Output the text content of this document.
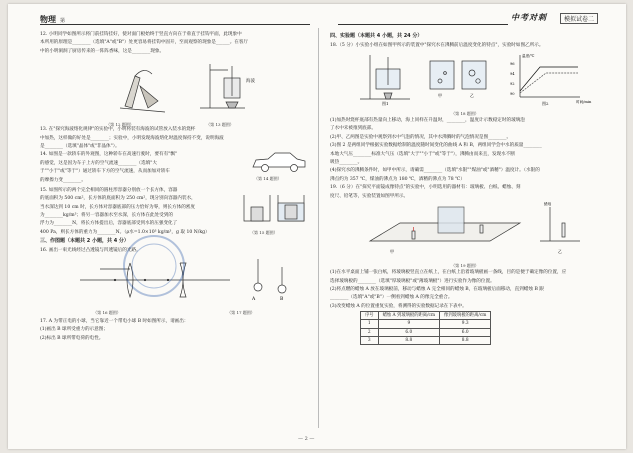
物理 第	中考对刺	模拟试卷二

12. 小明同学如图所示将门前挂钩挂好，使对面门板始终于竖直方向在于垂直于挂钩平面，此现象中

本所用的原理是________（选填"A"或"B"）处更容易将挂钩中固开，至而观察的现象是______。在客厅

中的小明洞洞了厨房传来的一阵阵香味，这是________现象。

海波
（第 12 题图）	（第 13 题图）

13. 在"探究海波熔化规律"的实验中，小明将装有海波的试管放入装水的烧杯

中加热，这样做的好处是________；实验中，小明发现海波熔化时温度保持不变，说明海波

是________（选填"晶体"或"非晶体"）。

14. 如图是一款轿车的外观图，这种轿车在高速行驶时，要有有"飘"

的感觉，这是因为车子上方的空气流速________（选填"大

于""小于"或"等于"）通过轿车下方的空气流速，从而加加对轿车

的摩擦力变________。	（第 14 题图）

15. 如图所示的两个完全相同的圆柱形容器分别放一个长方体，容器

的底面积为 500 cm²，长方体的底面积为 250 cm²，现分别向容器内装水，

当水深达到 10 cm 时，长方体对容器底部的压力恰好为零，则长方体的密度

为________kg/m³；将另一容器加水至水深，长方体在此处受到的

浮力为________N，将长方体提出后，容器底部受到水的压强变化了

400 Pa，则长方体的重力为________N。（ρ水=1.0×10³ kg/m³，g 取 10 N/kg）	（第 15 题图）

三、作图题（本题共 2 小题，共 4 分）

16. 画出一束光线经过凸透镜与凹透镜后的光路。

A	B
（第 16 题图）	（第 17 题图）

17. A 为带正电的小球，当它靠近一个带电小球 B 时如图所示，请画出：

(1)画出 B 球所受重力的示意图；

(2)标出 B 球所带电荷的电性。

四、实验题（本题共 4 小题，共 24 分）

18.（5 分）小实验小组在如图甲所示的装置中"探究水在沸腾前后温度变化的特点"，实验时如图乙所示。

图1
甲	乙
图2
温度/℃
时间/min
96
94
92
90
（第 18 题图）

(1)加热时烧杯底部有热量向上移动，海上同样在升温时，________，温度计示数稳定时的玻璃泡

了水中未被推到底部。

(2)甲、乙两图是实验中观察到水中气泡的情况，其中水沸腾时的气泡情况是图________。

(3)图 2 是两组同学根据实验数据绘制的温度随时间变化的曲线 A 和 B，两组同学会中水的质量________

本地大气压________标准大气压（选填"大于""小于"或"等于"），沸腾由而来且，发现水不断

吸热________。

(4)探究水的沸腾条件时，如甲中所示，请确需________（选填"水银""煤油"或"酒精"）温度计。（水银的

沸点约为 357 ℃，煤油的沸点为 180 ℃，酒精的沸点为 78 ℃）

19.（6 分）在"探究平面镜成像特点"的实验中，小明选用的器材有：玻璃板、白纸、蜡烛、刻

度尺、铅笔等，实验装置如图甲所示。

甲	乙
蜡烛
（第 19 题图）

(1)在水平桌面上铺一张白纸，将玻璃板竖直立在纸上，在白纸上沿着玻璃板画一条线，目的是便于确定像的位置，应

选择玻璃板的________（选填"厚玻璃板"或"薄玻璃板"）进行实验作为像的位置。

(2)将点燃的蜡烛 A 放在玻璃板前，移动与蜡烛 A 完全相同的蜡烛 B，在玻璃板后面移动，直到蜡烛 B 跟

________（选填"A"或"B"）一侧看到蜡烛 A 的像完全重合。

(3)改变蜡烛 A 的位置重复实验，将测得的实验数据记录在下表中。

序号	蜡烛 A 到玻璃板的距离/cm	像到玻璃板的距离/cm
1	9	9.3
2	6.0	6.0
3	8.8	8.8
— 2 —
